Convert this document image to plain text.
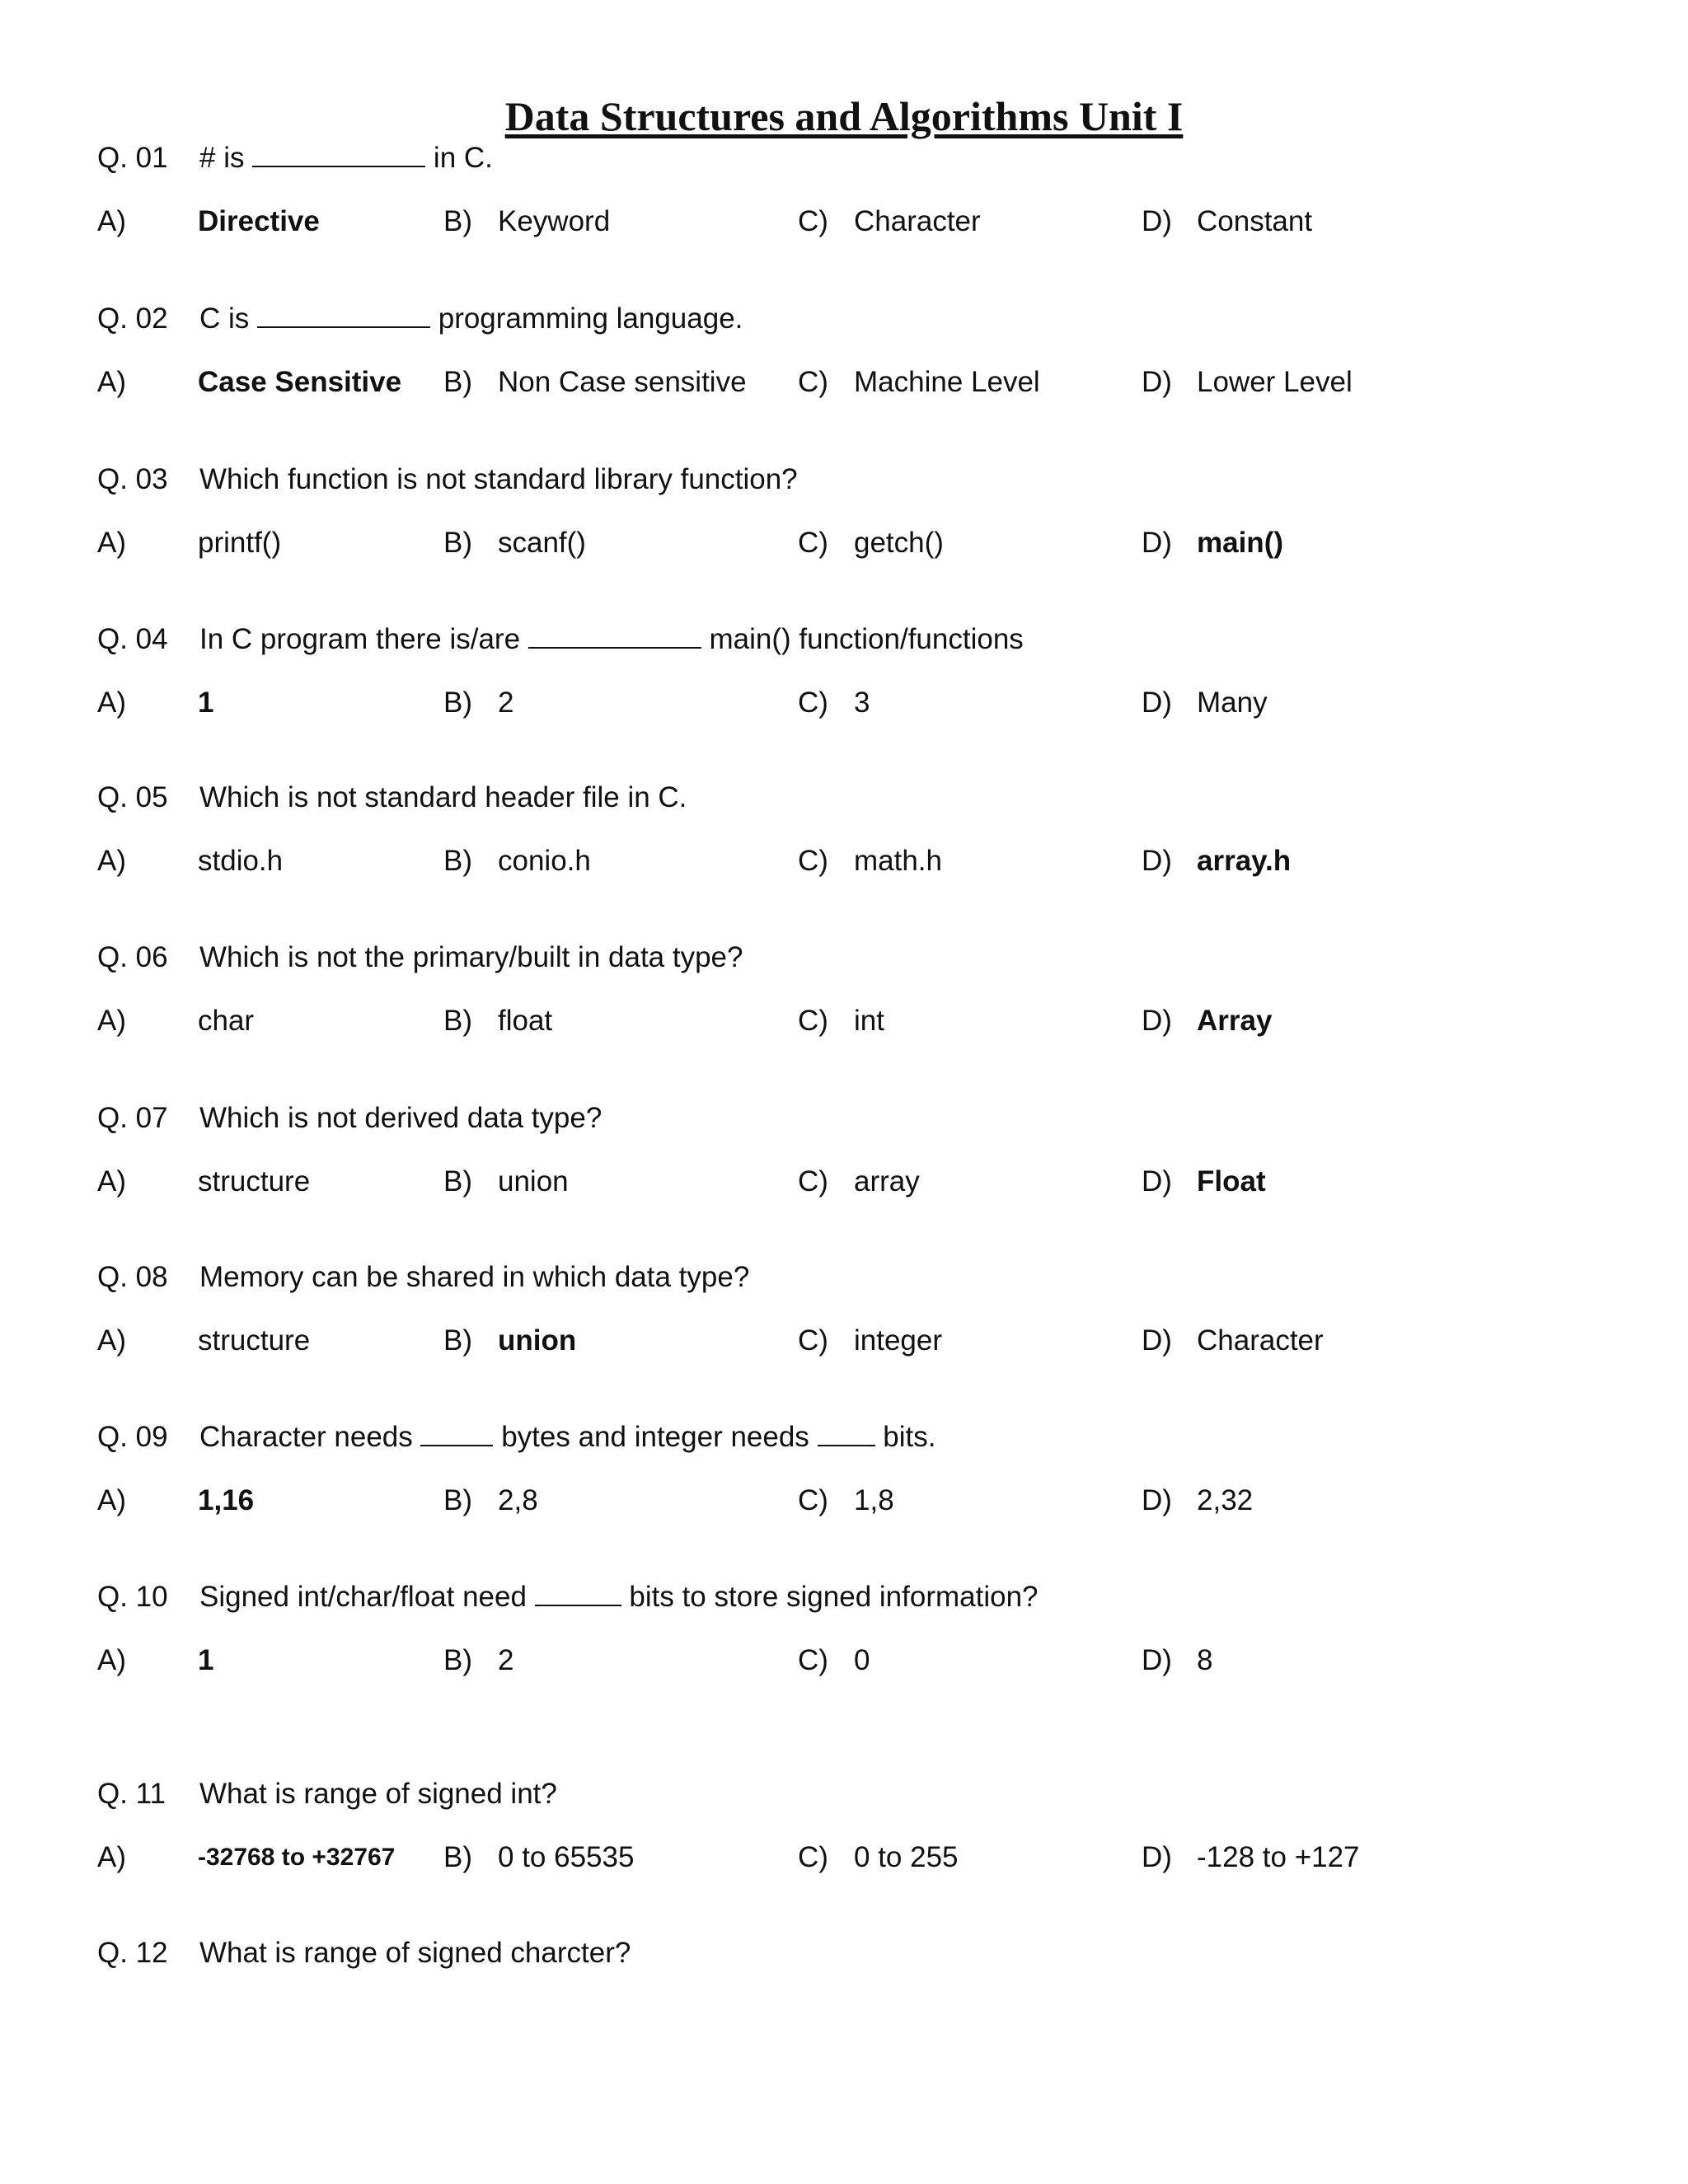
Data Structures and Algorithms Unit I
Q. 01 # is	in C.
A) Directive	B) Keyword	C) Character	D) Constant
Q. 02 C is	programming language.
A) Case Sensitive B) Non Case sensitive C) Machine Level	D) Lower Level
Q. 03 Which function is not standard library function?
A) printf()	B) scanf()	C) getch()	D) main()
Q. 04 In C program there is/are	main() function/functions
A) 1	B) 2	C) 3	D) Many
Q. 05 Which is not standard header file in C.
A) stdio.h	B) conio.h	C) math.h	D) array.h
Q. 06 Which is not the primary/built in data type?
A) char	B) float	C) int	D) Array
Q. 07 Which is not derived data type?
A) structure	B) union	C) array	D) Float
Q. 08 Memory can be shared in which data type?
A) structure	B) union	C) integer	D) Character
Q. 09 Character needs	bytes and integer needs  bits.
A) 1,16	B) 2,8	C) 1,8	D) 2,32
Q. 10 Signed int/char/float need	bits to store signed information?
A) 1	B) 2	C) 0	D) 8
Q. 11 What is range of signed int?
A)	-32768 to +32767 B) 0 to 65535	C) 0 to 255	D) -128 to +127
Q. 12 What is range of signed charcter?
